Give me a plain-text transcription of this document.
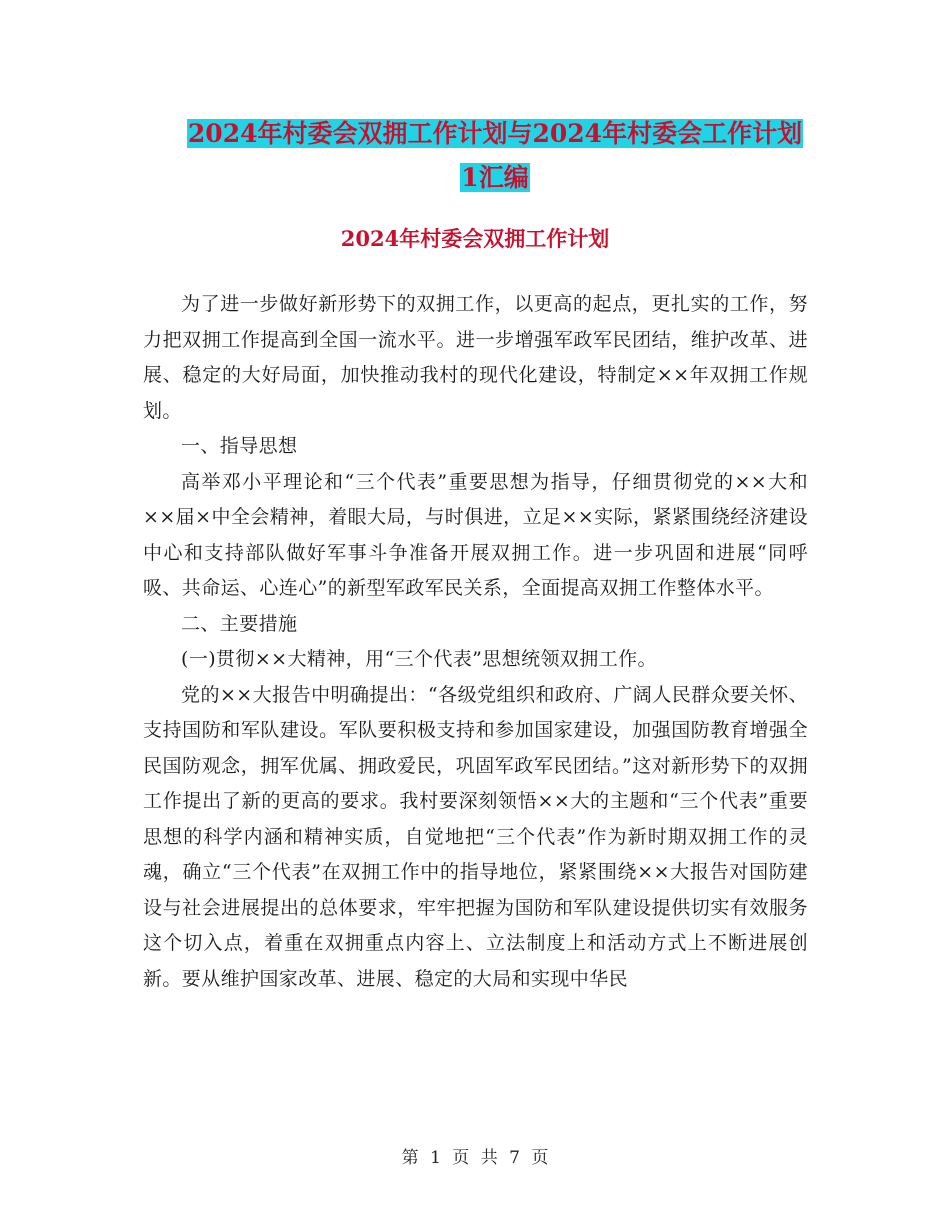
2024年村委会双拥工作计划与2024年村委会工作计划
1汇编
2024年村委会双拥工作计划

为了进一步做好新形势下的双拥工作，以更高的起点，更扎实的工作，努力把双拥工作提高到全国一流水平。进一步增强军政军民团结，维护改革、进展、稳定的大好局面，加快推动我村的现代化建设，特制定××年双拥工作规划。

一、指导思想

高举邓小平理论和“三个代表”重要思想为指导，仔细贯彻党的××大和××届×中全会精神，着眼大局，与时俱进，立足××实际，紧紧围绕经济建设中心和支持部队做好军事斗争准备开展双拥工作。进一步巩固和进展“同呼吸、共命运、心连心”的新型军政军民关系，全面提高双拥工作整体水平。

二、主要措施

(一)贯彻××大精神，用“三个代表”思想统领双拥工作。

党的××大报告中明确提出：“各级党组织和政府、广阔人民群众要关怀、支持国防和军队建设。军队要积极支持和参加国家建设，加强国防教育增强全民国防观念，拥军优属、拥政爱民，巩固军政军民团结。”这对新形势下的双拥工作提出了新的更高的要求。我村要深刻领悟××大的主题和“三个代表”重要思想的科学内涵和精神实质，自觉地把“三个代表”作为新时期双拥工作的灵魂，确立“三个代表”在双拥工作中的指导地位，紧紧围绕××大报告对国防建设与社会进展提出的总体要求，牢牢把握为国防和军队建设提供切实有效服务这个切入点，着重在双拥重点内容上、立法制度上和活动方式上不断进展创新。要从维护国家改革、进展、稳定的大局和实现中华民

第 1 页 共 7 页
